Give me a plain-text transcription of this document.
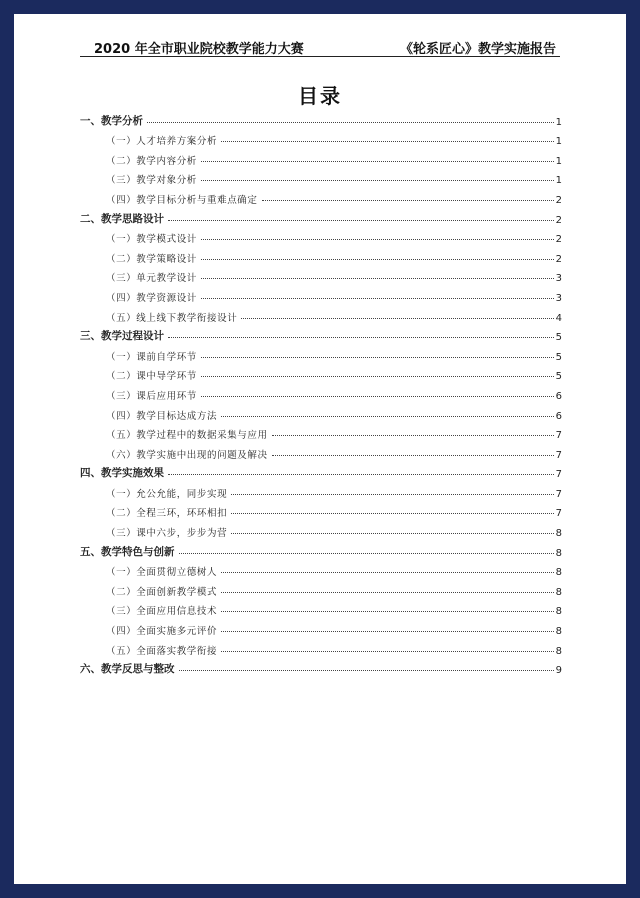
2020 年全市职业院校教学能力大赛	《轮系匠心》教学实施报告
目录
一、教学分析	1
（一）人才培养方案分析	1
（二）教学内容分析	1
（三）教学对象分析	1
（四）教学目标分析与重难点确定	2
二、教学思路设计	2
（一）教学模式设计	2
（二）教学策略设计	2
（三）单元教学设计	3
（四）教学资源设计	3
（五）线上线下教学衔接设计	4
三、教学过程设计	5
（一）课前自学环节	5
（二）课中导学环节	5
（三）课后应用环节	6
（四）教学目标达成方法	6
（五）教学过程中的数据采集与应用	7
（六）教学实施中出现的问题及解决	7
四、教学实施效果	7
（一）允公允能，同步实现	7
（二）全程三环，环环相扣	7
（三）课中六步，步步为营	8
五、教学特色与创新	8
（一）全面贯彻立德树人	8
（二）全面创新教学模式	8
（三）全面应用信息技术	8
（四）全面实施多元评价	8
（五）全面落实教学衔接	8
六、教学反思与整改	9
